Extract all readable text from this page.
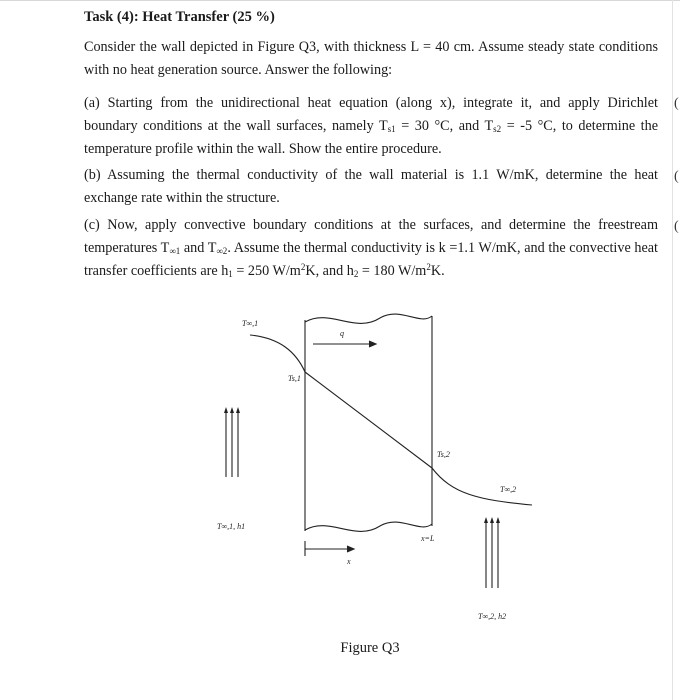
Task (4): Heat Transfer (25 %)

Consider the wall depicted in Figure Q3, with thickness L = 40 cm. Assume steady state conditions with no heat generation source. Answer the following:

(a) Starting from the unidirectional heat equation (along x), integrate it, and apply Dirichlet boundary conditions at the wall surfaces, namely $T_{s1} = 30$ °C, and $T_{s2} = -5$ °C, to determine the temperature profile within the wall. Show the entire procedure.

(b) Assuming the thermal conductivity of the wall material is 1.1 W/mK, determine the heat exchange rate within the structure.

(c) Now, apply convective boundary conditions at the surfaces, and determine the freestream temperatures $T_{\infty 1}$ and $T_{\infty 2}$. Assume the thermal conductivity is k =1.1 W/mK, and the convective heat transfer coefficients are $h_1 = 250$ $W/m^2K$, and $h_2 = 180$ $W/m^2K$.

(
(
(
T∞,1
Ts,1
q
Ts,2
T∞,2
x=L
x
T∞,1, h1
T∞,2, h2

Figure Q3
